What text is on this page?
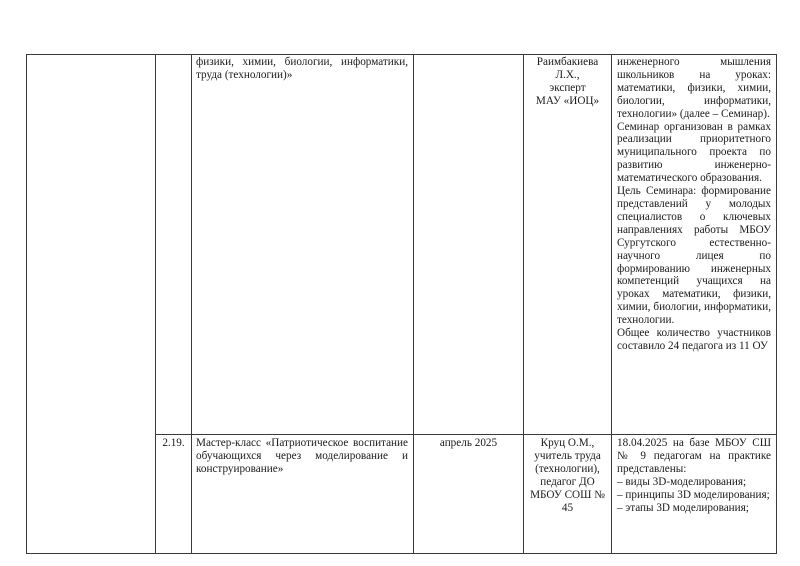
физики, химии, биологии, информатики, труда (технологии)»

Раимбакиева Л.Х.,
эксперт
МАУ «ИОЦ»

инженерного мышления школьников на уроках: математики, физики, химии, биологии, информатики, технологии» (далее – Семинар).

Семинар организован в рамках реализации приоритетного муниципального проекта по развитию инженерно-математического образования.

Цель Семинара: формирование представлений у молодых специалистов о ключевых направлениях работы МБОУ Сургутского естественно-научного лицея по формированию инженерных компетенций учащихся на уроках математики, физики, химии, биологии, информатики, технологии.

Общее количество участников составило 24 педагога из 11 ОУ

2.19.	Мастер-класс «Патриотическое воспитание обучающихся через моделирование и конструирование»

апрель 2025	Круц О.М.,
учитель труда
(технологии),
педагог ДО
МБОУ СОШ № 45

18.04.2025 на базе МБОУ СШ № 9 педагогам на практике представлены:

– виды 3D-моделирования;

– принципы 3D моделирования;

– этапы 3D моделирования;
